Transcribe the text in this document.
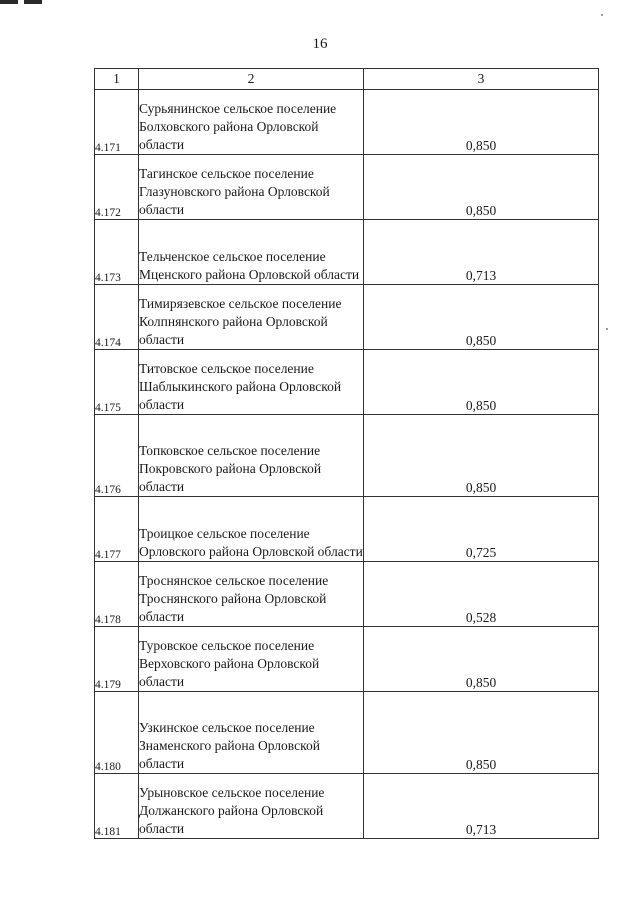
16
1	2	3
4.171	Сурьянинское сельское поселение Болховского района Орловской области	0,850
4.172	Тагинское сельское поселение Глазуновского района Орловской области	0,850
4.173	Тельченское сельское поселение Мценского района Орловской области	0,713
4.174	Тимирязевское сельское поселение Колпнянского района Орловской области	0,850
4.175	Титовское сельское поселение Шаблыкинского района Орловской области	0,850
4.176	Топковское сельское поселение Покровского района Орловской области	0,850
4.177	Троицкое сельское поселение Орловского района Орловской области	0,725
4.178	Троснянское сельское поселение Троснянского района Орловской области	0,528
4.179	Туровское сельское поселение Верховского района Орловской области	0,850
4.180	Узкинское сельское поселение Знаменского района Орловской области	0,850
4.181	Урыновское сельское поселение Должанского района Орловской области	0,713
